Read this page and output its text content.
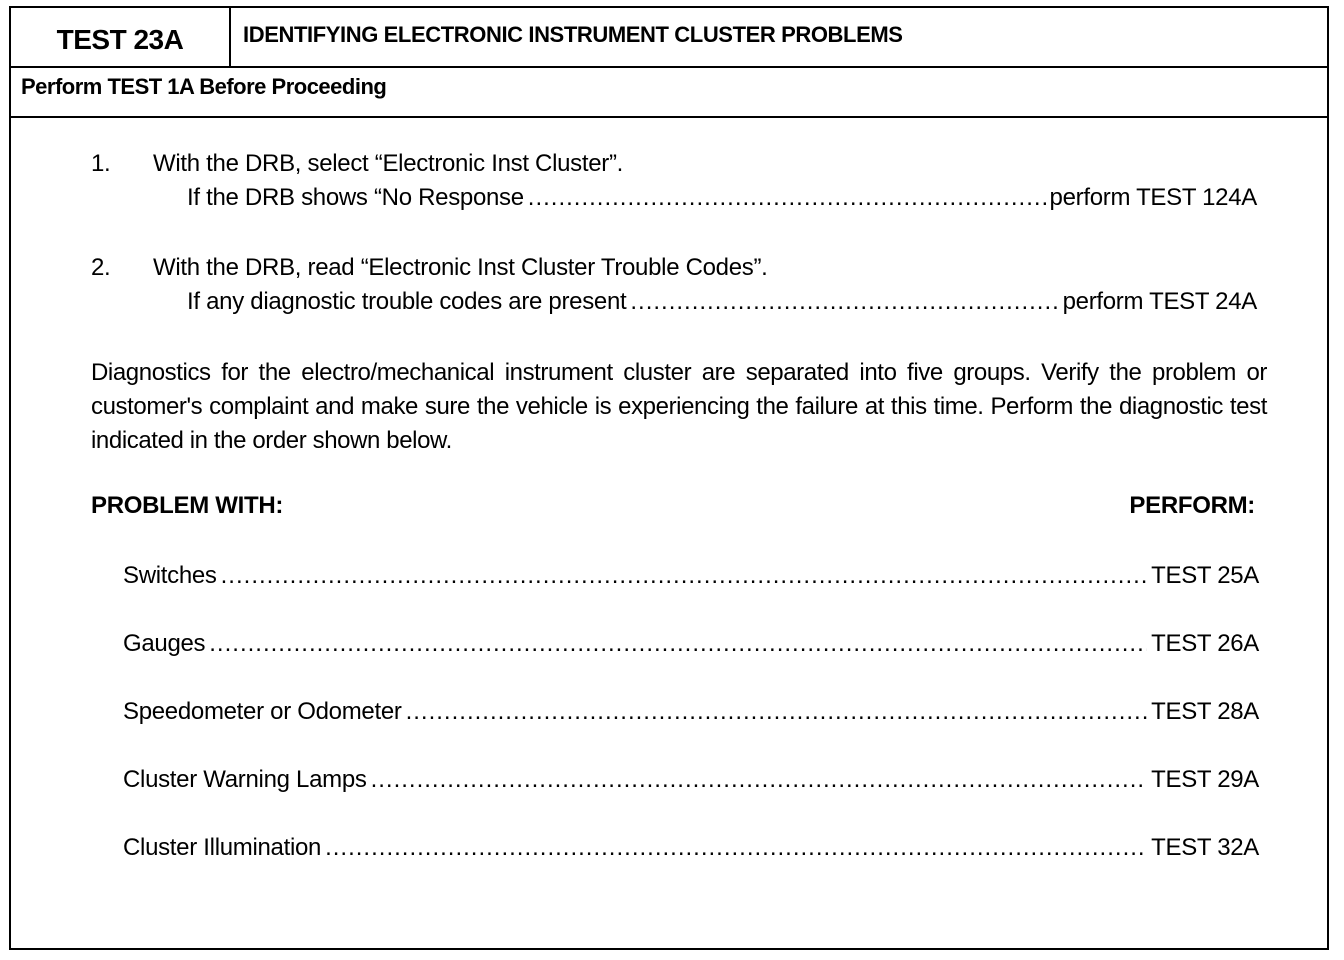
TEST 23A	IDENTIFYING ELECTRONIC INSTRUMENT CLUSTER PROBLEMS
Perform TEST 1A Before Proceeding
1. With the DRB, select “Electronic Inst Cluster”.
If the DRB shows “No Response .....	perform TEST 124A
2. With the DRB, read “Electronic Inst Cluster Trouble Codes”.
If any diagnostic trouble codes are present .....	perform TEST 24A
Diagnostics for the electro/mechanical instrument cluster are separated into five groups. Verify the problem or customer's complaint and make sure the vehicle is experiencing the failure at this time. Perform the diagnostic test indicated in the order shown below.
PROBLEM WITH:	PERFORM:
Switches .....	TEST 25A
Gauges .....	TEST 26A
Speedometer or Odometer .....	TEST 28A
Cluster Warning Lamps .....	TEST 29A
Cluster Illumination .....	TEST 32A
